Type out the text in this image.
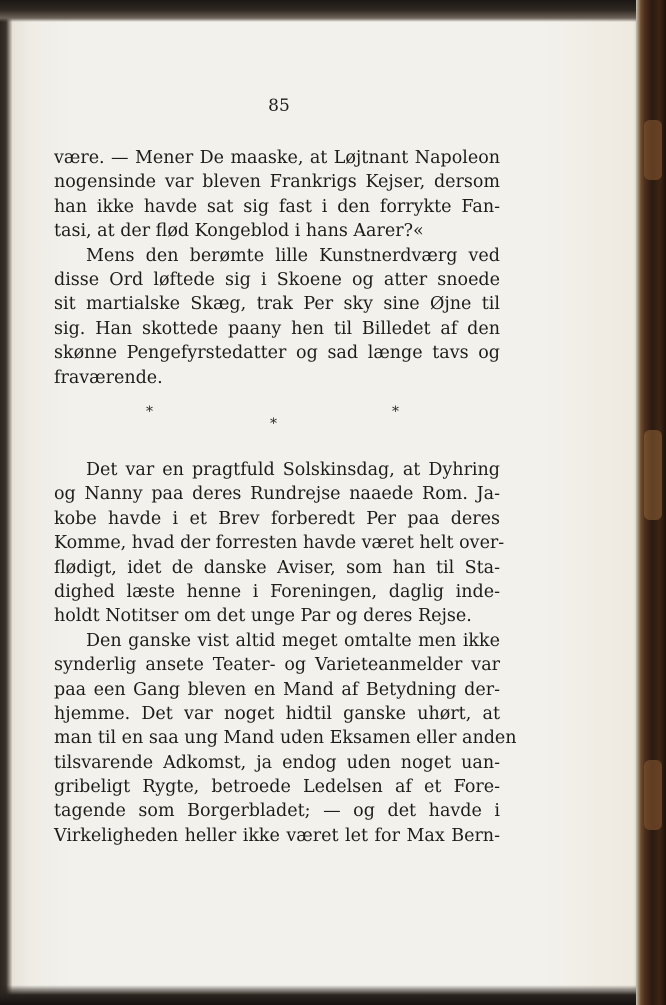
85
være. — Mener De maaske, at Løjtnant Napoleon
nogensinde var bleven Frankrigs Kejser, dersom
han ikke havde sat sig fast i den forrykte Fan-
tasi, at der flød Kongeblod i hans Aarer?«
Mens den berømte lille Kunstnerdværg ved
disse Ord løftede sig i Skoene og atter snoede
sit martialske Skæg, trak Per sky sine Øjne til
sig. Han skottede paany hen til Billedet af den
skønne Pengefyrstedatter og sad længe tavs og
fraværende.
*
*
*
Det var en pragtfuld Solskinsdag, at Dyhring
og Nanny paa deres Rundrejse naaede Rom. Ja-
kobe havde i et Brev forberedt Per paa deres
Komme, hvad der forresten havde været helt over-
flødigt, idet de danske Aviser, som han til Sta-
dighed læste henne i Foreningen, daglig inde-
holdt Notitser om det unge Par og deres Rejse.
Den ganske vist altid meget omtalte men ikke
synderlig ansete Teater- og Varieteanmelder var
paa een Gang bleven en Mand af Betydning der-
hjemme. Det var noget hidtil ganske uhørt, at
man til en saa ung Mand uden Eksamen eller anden
tilsvarende Adkomst, ja endog uden noget uan-
gribeligt Rygte, betroede Ledelsen af et Fore-
tagende som Borgerbladet; — og det havde i
Virkeligheden heller ikke været let for Max Bern-
